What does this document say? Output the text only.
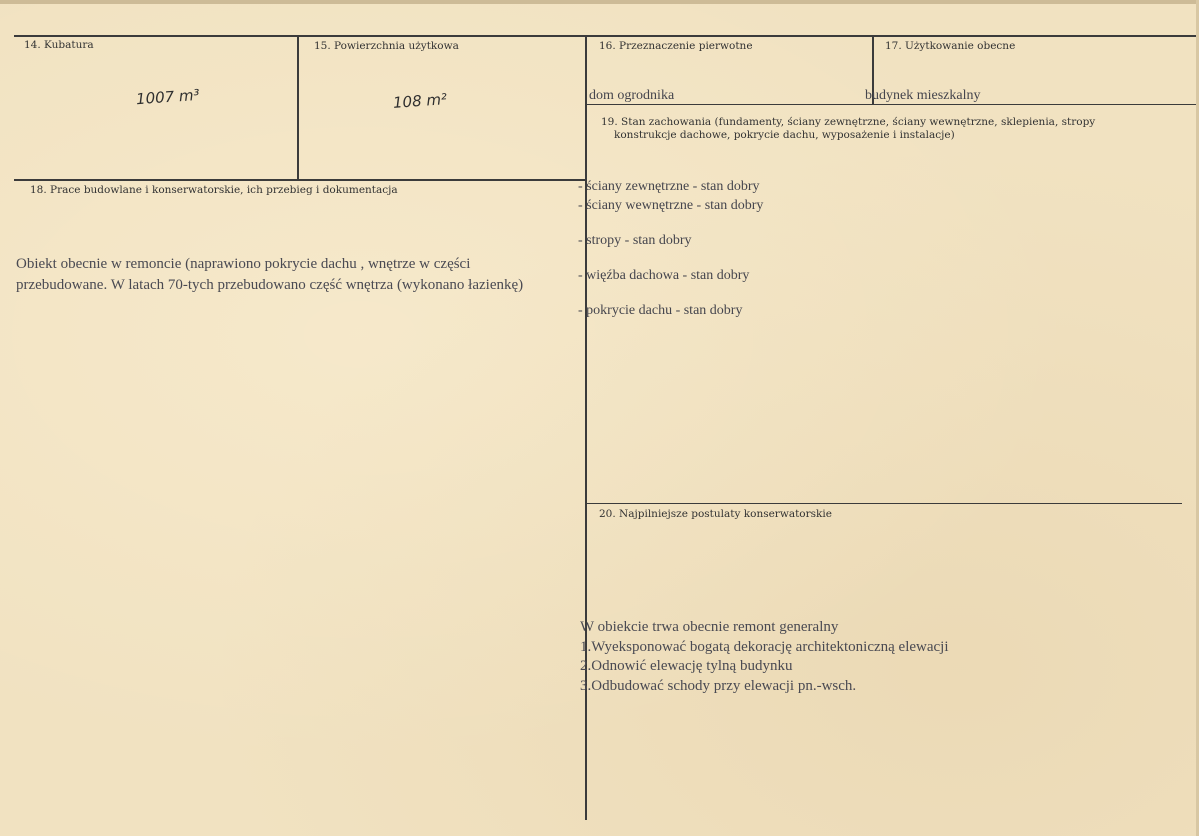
14. Kubatura	15. Powierzchnia użytkowa	16. Przeznaczenie pierwotne	17. Użytkowanie obecne
18. Prace budowlane i konserwatorskie, ich przebieg i dokumentacja
19. Stan zachowania (fundamenty, ściany zewnętrzne, ściany wewnętrzne, sklepienia, stropy
konstrukcje dachowe, pokrycie dachu, wyposażenie i instalacje)
20. Najpilniejsze postulaty konserwatorskie
1007 m³	108 m²	dom ogrodnika	budynek mieszkalny
Obiekt obecnie w remoncie (naprawiono pokrycie dachu , wnętrze w części
przebudowane. W latach 70-tych przebudowano część wnętrza (wykonano łazienkę)
- ściany zewnętrzne - stan dobry
- ściany wewnętrzne - stan dobry
- stropy - stan dobry
- więźba dachowa - stan dobry
- pokrycie dachu - stan dobry
W obiekcie trwa obecnie remont generalny
1.Wyeksponować bogatą dekorację architektoniczną elewacji
2.Odnowić elewację tylną budynku
3.Odbudować schody przy elewacji pn.-wsch.
